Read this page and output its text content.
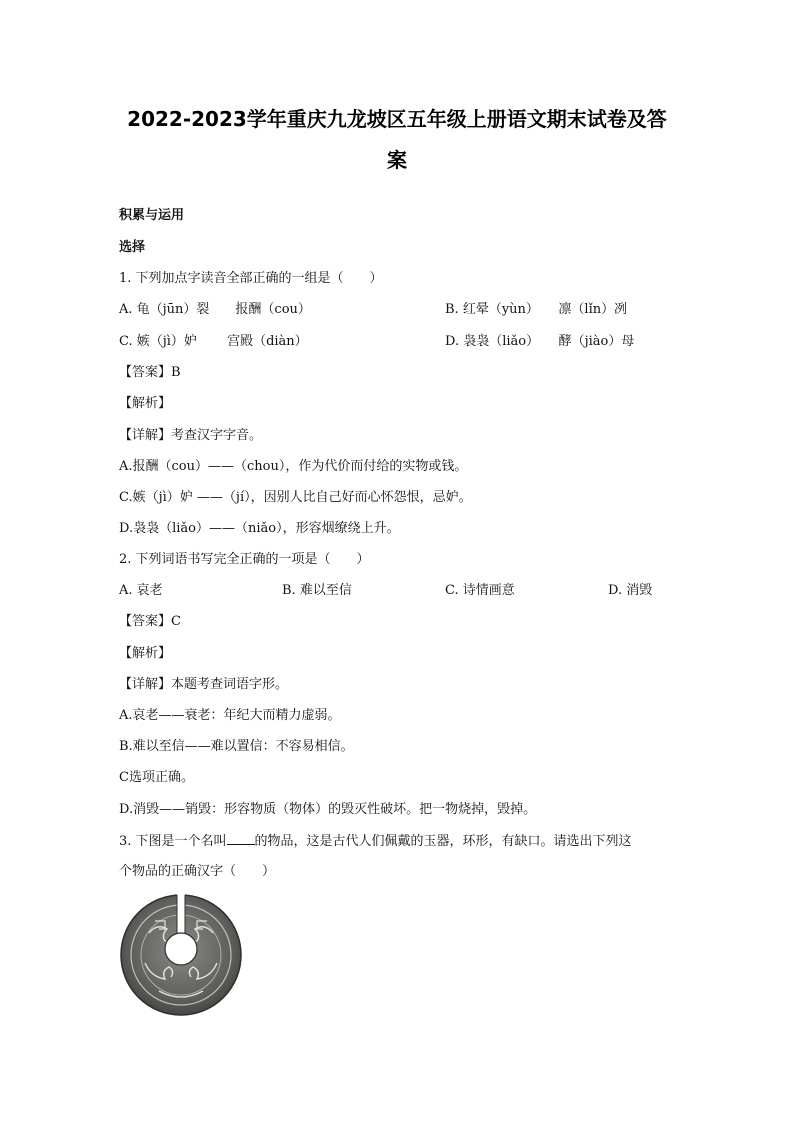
2022-2023学年重庆九龙坡区五年级上册语文期末试卷及答
案
积累与运用
选择
1. 下列加点字读音全部正确的一组是（　　）
A. 龟（jūn）裂　　报酬（cou）	B. 红晕（yùn）　　凛（lǐn）冽
C. 嫉（jì）妒　　 宫殿（diàn）	D. 袅袅（liǎo）　　酵（jiào）母
【答案】B
【解析】
【详解】考查汉字字音。
A.报酬（cou）——（chou），作为代价而付给的实物或钱。
C.嫉（jì）妒 ——（jí），因别人比自己好而心怀怨恨，忌妒。
D.袅袅（liǎo）——（niǎo），形容烟缭绕上升。
2. 下列词语书写完全正确的一项是（　　）
A. 哀老	B. 难以至信	C. 诗情画意	D. 消毁
【答案】C
【解析】
【详解】本题考查词语字形。
A.哀老——衰老：年纪大而精力虚弱。
B.难以至信——难以置信：不容易相信。
C选项正确。
D.消毁——销毁：形容物质（物体）的毁灭性破坏。把一物烧掉，毁掉。
3. 下图是一个名叫 的物品，这是古代人们佩戴的玉器，环形，有缺口。请选出下列这
个物品的正确汉字（　　）
